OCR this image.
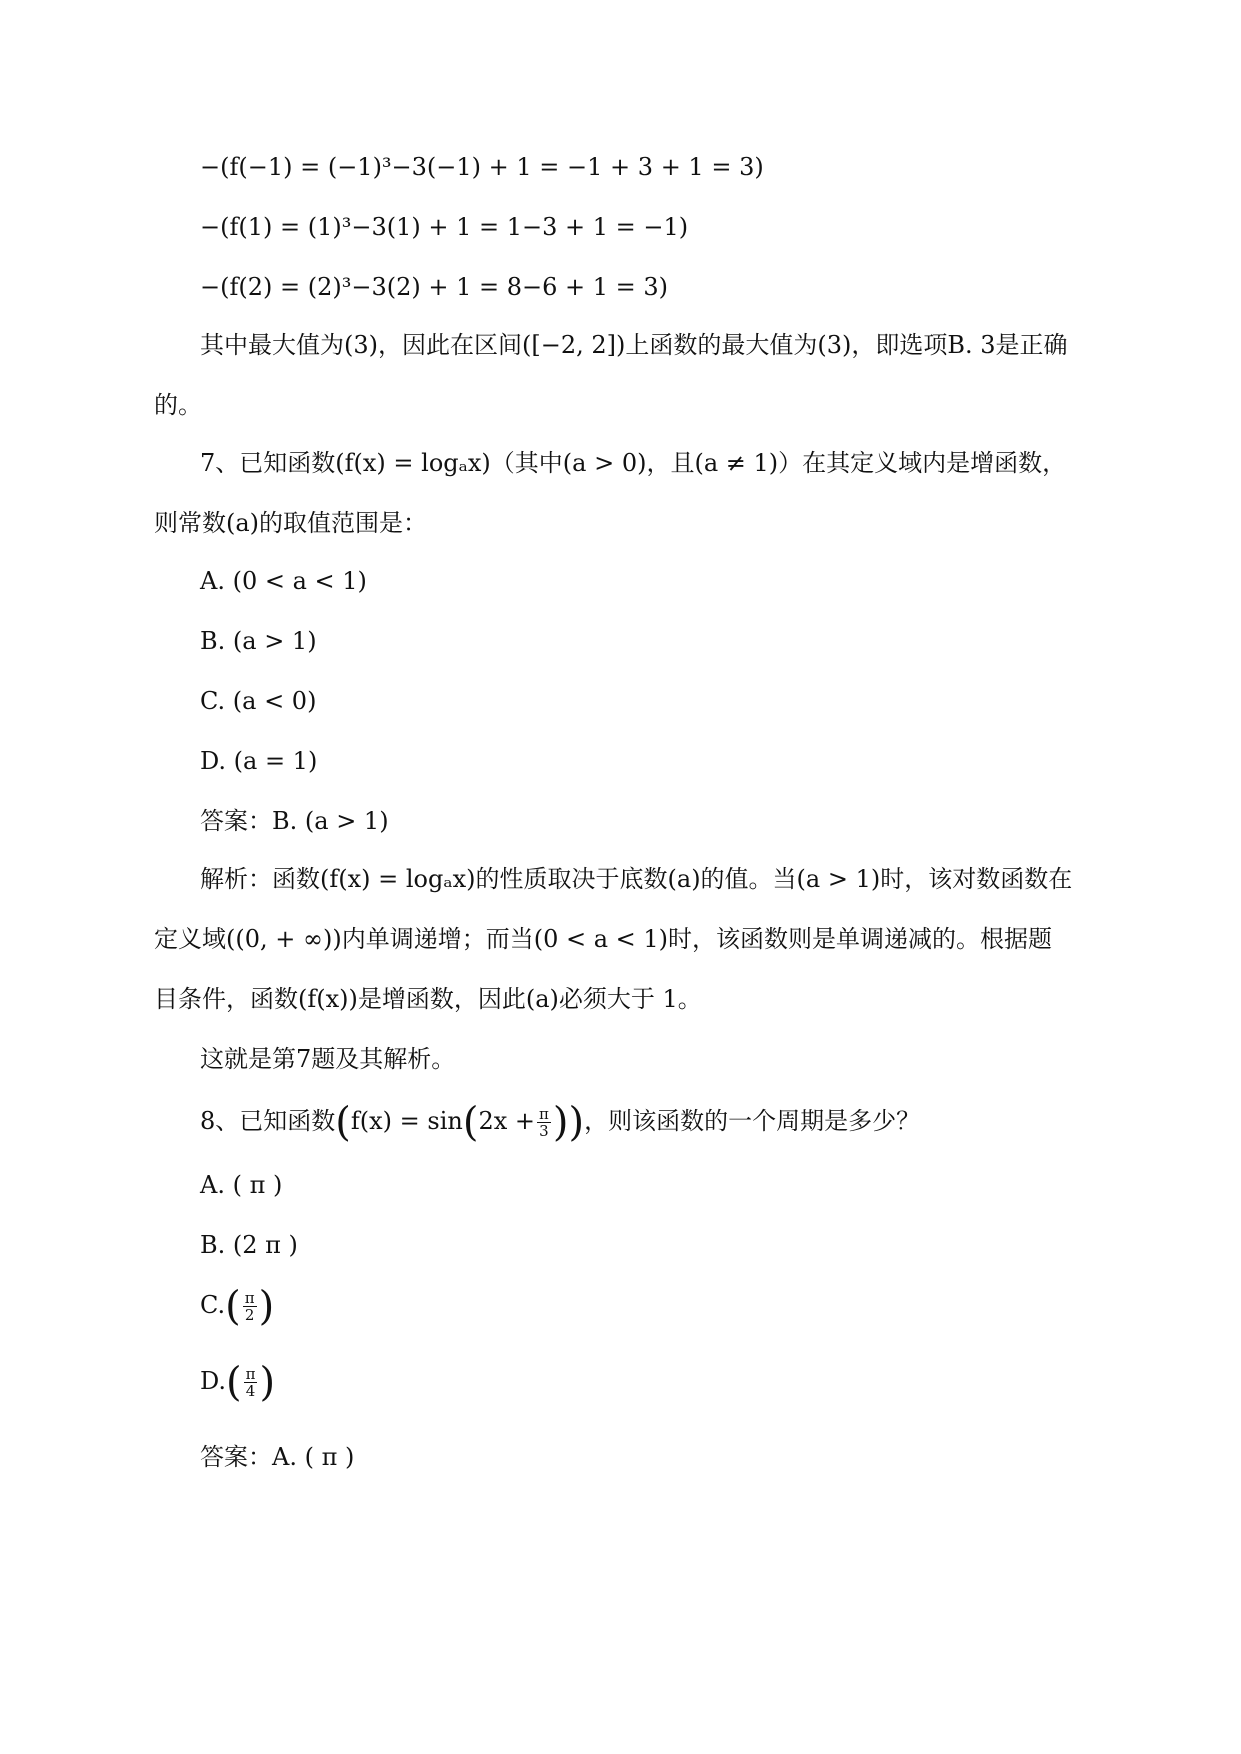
−(f(−1) = (−1)³−3(−1) + 1 = −1 + 3 + 1 = 3)
−(f(1) = (1)³−3(1) + 1 = 1−3 + 1 = −1)
−(f(2) = (2)³−3(2) + 1 = 8−6 + 1 = 3)
其中最大值为(3)，因此在区间([−2, 2])上函数的最大值为(3)，即选项B. 3是正确
的。
7、已知函数(f(x) = logₐx)（其中(a > 0)，且(a ≠ 1)）在其定义域内是增函数，
则常数(a)的取值范围是：
A. (0 < a < 1)
B. (a > 1)
C. (a < 0)
D. (a = 1)
答案：B. (a > 1)
解析：函数(f(x) = logₐx)的性质取决于底数(a)的值。当(a > 1)时，该对数函数在
定义域((0, + ∞))内单调递增；而当(0 < a < 1)时，该函数则是单调递减的。根据题
目条件，函数(f(x))是增函数，因此(a)必须大于 1。
这就是第7题及其解析。
8、已知函数($f(x) = \sin(2x + \frac{\pi}{3}$ ))，则该函数的一个周期是多少？
A. ( π )
B. (2 π )
$C.( \frac{\pi}{2}$ )
$D.( \frac{\pi}{4}$ )
答案：A. ( π )
